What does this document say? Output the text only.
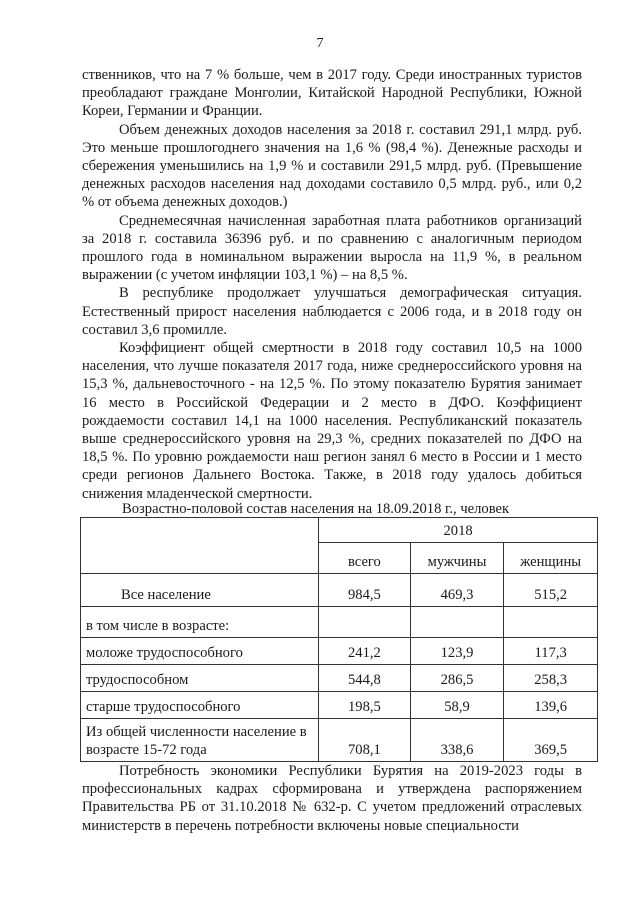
7

ственников, что на 7 % больше, чем в 2017 году. Среди иностранных туристов преобладают граждане Монголии, Китайской Народной Республики, Южной Кореи, Германии и Франции.

Объем денежных доходов населения за 2018 г. составил 291,1 млрд. руб. Это меньше прошлогоднего значения на 1,6 % (98,4 %). Денежные расходы и сбережения уменьшились на 1,9 % и составили 291,5 млрд. руб. (Превышение денежных расходов населения над доходами составило 0,5 млрд. руб., или 0,2 % от объема денежных доходов.)

Среднемесячная начисленная заработная плата работников организаций за 2018 г. составила 36396 руб. и по сравнению с аналогичным периодом прошлого года в номинальном выражении выросла на 11,9 %, в реальном выражении (с учетом инфляции 103,1 %) – на 8,5 %.

В республике продолжает улучшаться демографическая ситуация. Естественный прирост населения наблюдается с 2006 года, и в 2018 году он составил 3,6 промилле.

Коэффициент общей смертности в 2018 году составил 10,5 на 1000 населения, что лучше показателя 2017 года, ниже среднероссийского уровня на 15,3 %, дальневосточного - на 12,5 %. По этому показателю Бурятия занимает 16 место в Российской Федерации и 2 место в ДФО. Коэффициент рождаемости составил 14,1 на 1000 населения. Республиканский показатель выше среднероссийского уровня на 29,3 %, средних показателей по ДФО на 18,5 %. По уровню рождаемости наш регион занял 6 место в России и 1 место среди регионов Дальнего Востока. Также, в 2018 году удалось добиться снижения младенческой смертности.

Возрастно-половой состав населения на 18.09.2018 г., человек
	2018		
	всего	мужчины	женщины
Все население	984,5	469,3	515,2
в том числе в возрасте:			
моложе трудоспособного	241,2	123,9	117,3
трудоспособном	544,8	286,5	258,3
старше трудоспособного	198,5	58,9	139,6
Из общей численности население в возрасте 15-72 года	708,1	338,6	369,5

Потребность экономики Республики Бурятия на 2019-2023 годы в профессиональных кадрах сформирована и утверждена распоряжением Правительства РБ от 31.10.2018 № 632-р. С учетом предложений отраслевых министерств в перечень потребности включены новые специальности
